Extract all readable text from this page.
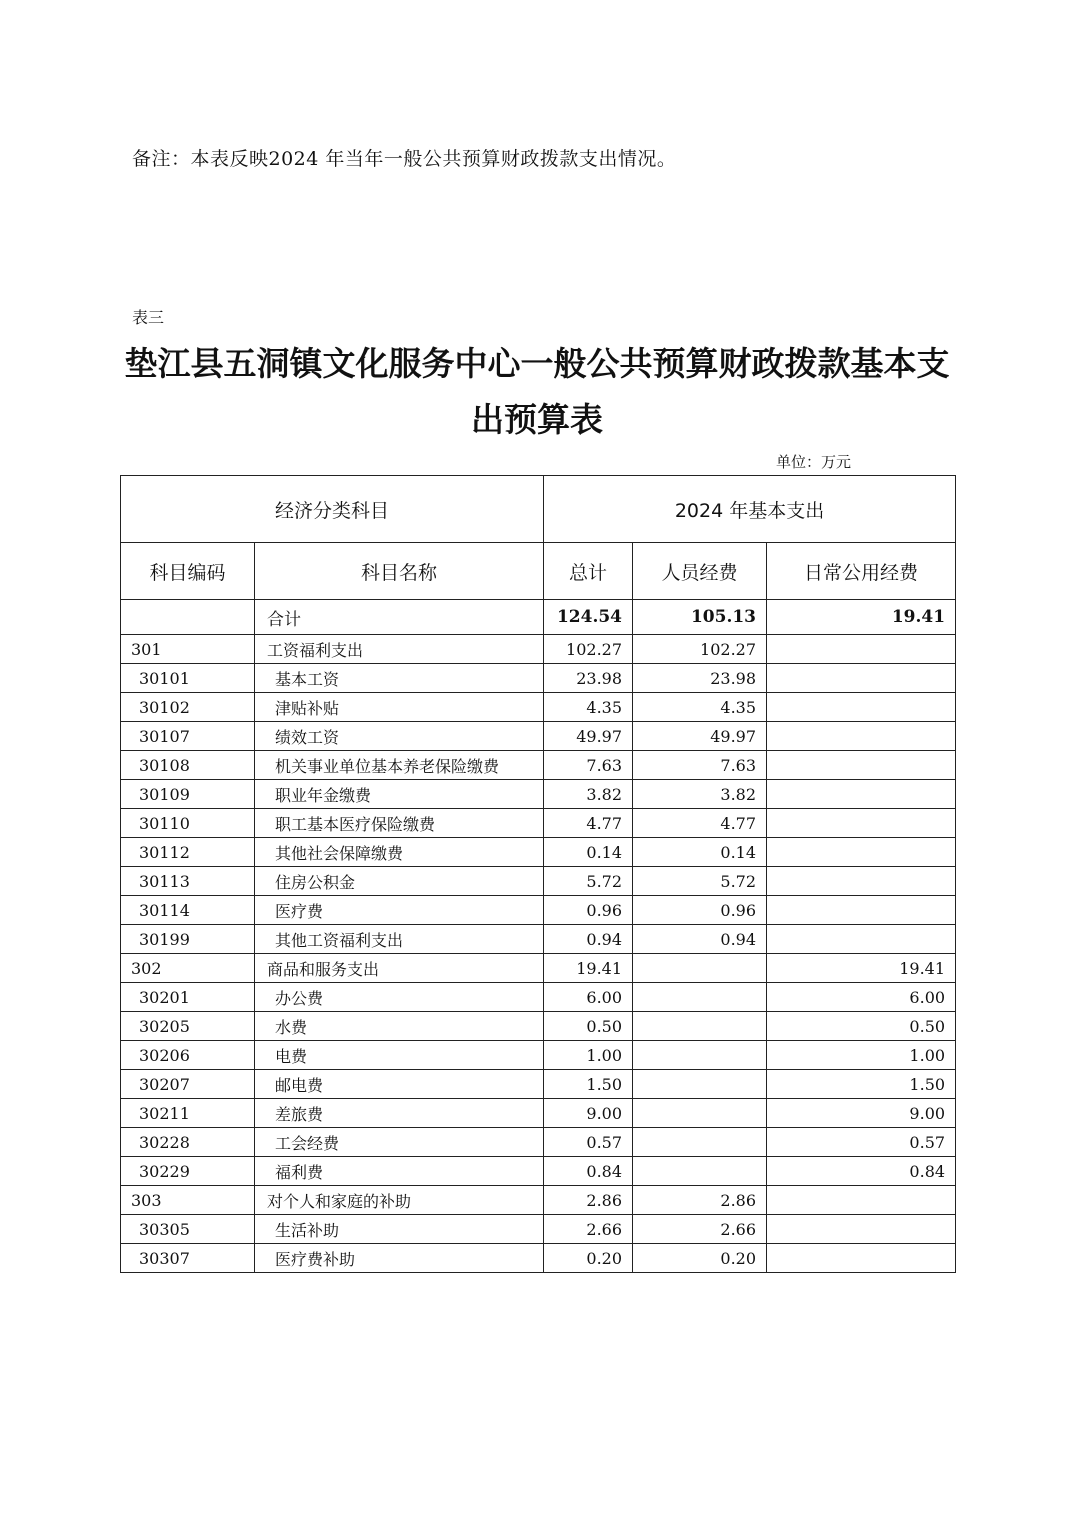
备注：本表反映2024 年当年一般公共预算财政拨款支出情况。
表三
垫江县五洞镇文化服务中心一般公共预算财政拨款基本支
出预算表
单位：万元
经济分类科目		2024 年基本支出		
科目编码	科目名称	总计	人员经费	日常公用经费
	合计	124.54	105.13	19.41
301	工资福利支出	102.27	102.27	
30101	基本工资	23.98	23.98	
30102	津贴补贴	4.35	4.35	
30107	绩效工资	49.97	49.97	
30108	机关事业单位基本养老保险缴费	7.63	7.63	
30109	职业年金缴费	3.82	3.82	
30110	职工基本医疗保险缴费	4.77	4.77	
30112	其他社会保障缴费	0.14	0.14	
30113	住房公积金	5.72	5.72	
30114	医疗费	0.96	0.96	
30199	其他工资福利支出	0.94	0.94	
302	商品和服务支出	19.41		19.41
30201	办公费	6.00		6.00
30205	水费	0.50		0.50
30206	电费	1.00		1.00
30207	邮电费	1.50		1.50
30211	差旅费	9.00		9.00
30228	工会经费	0.57		0.57
30229	福利费	0.84		0.84
303	对个人和家庭的补助	2.86	2.86	
30305	生活补助	2.66	2.66	
30307	医疗费补助	0.20	0.20	
